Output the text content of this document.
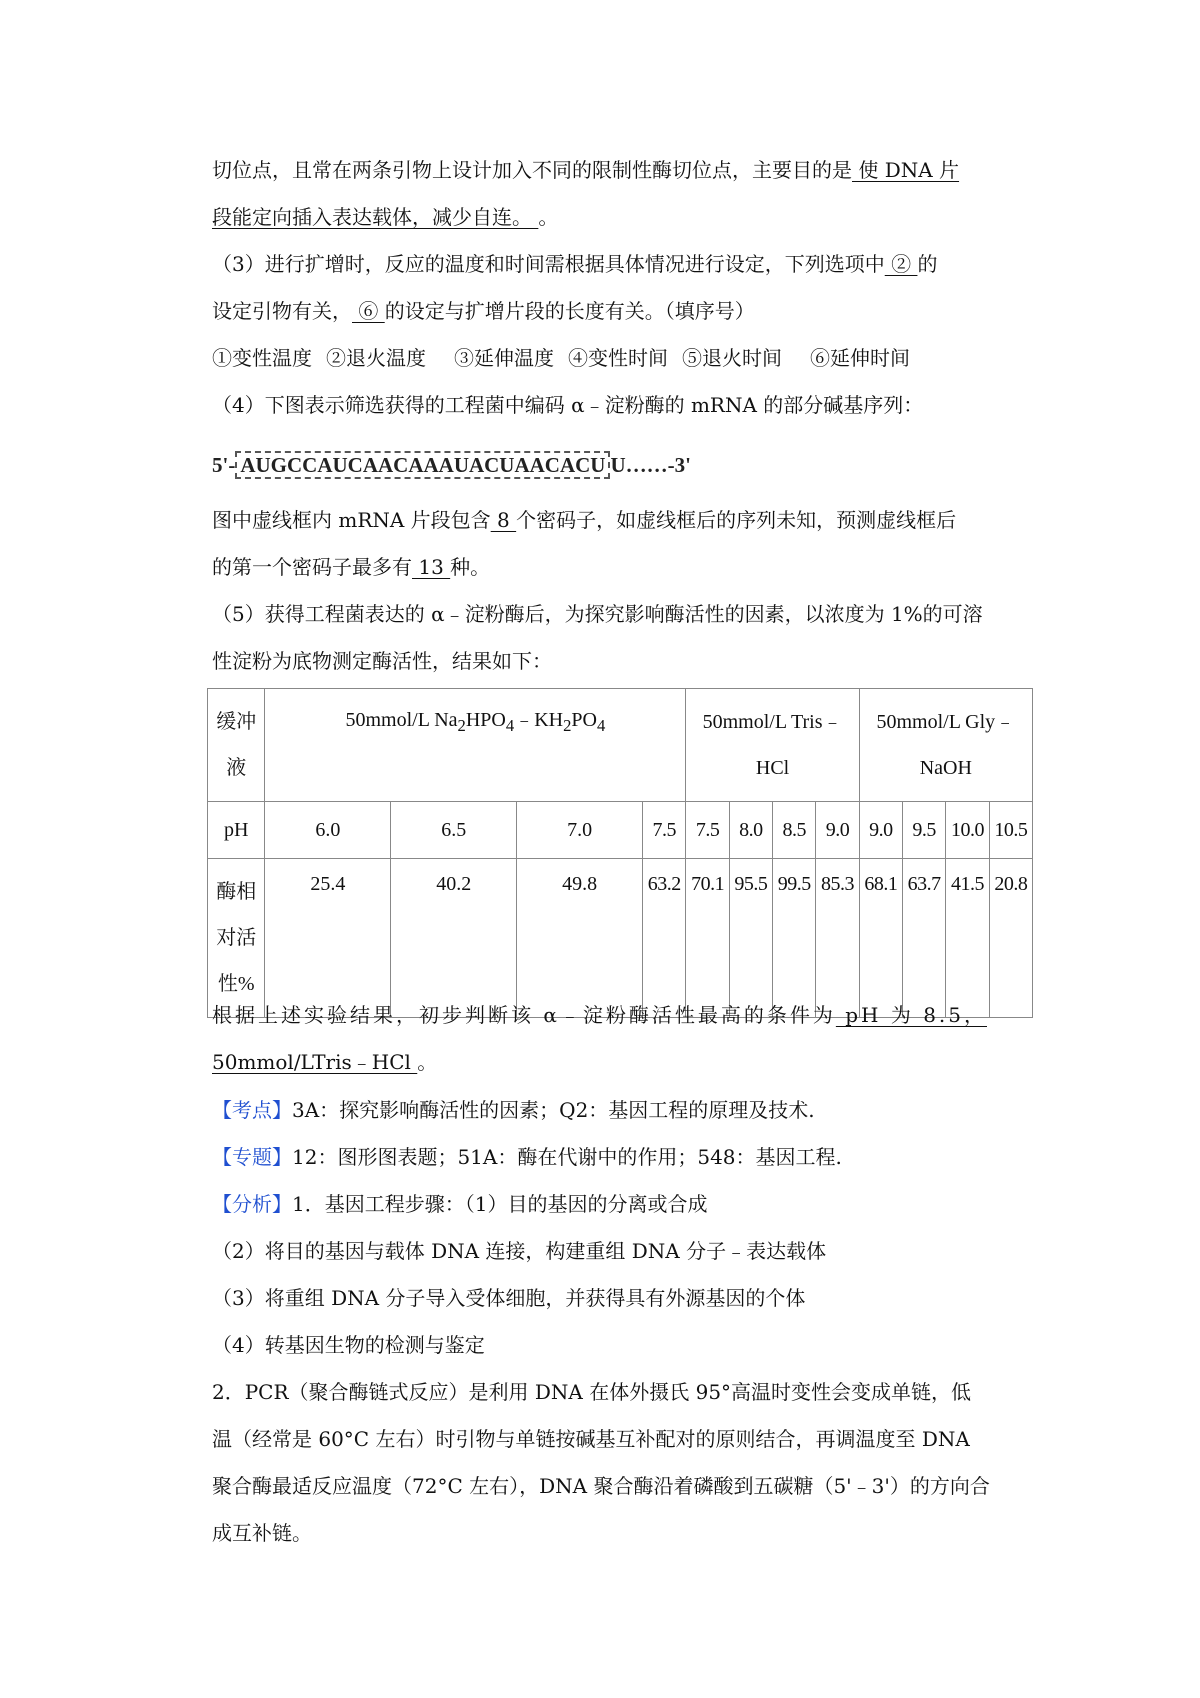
切位点，且常在两条引物上设计加入不同的限制性酶切位点，主要目的是 使 DNA 片
段能定向插入表达载体，减少自连。 。
（3）进行扩增时，反应的温度和时间需根据具体情况进行设定，下列选项中 ② 的
设定引物有关， ⑥ 的设定与扩增片段的长度有关。（填序号）
①变性温度 ②退火温度 ③延伸温度 ④变性时间 ⑤退火时间 ⑥延伸时间
（4）下图表示筛选获得的工程菌中编码 α﹣淀粉酶的 mRNA 的部分碱基序列：
5'- AUGCCAUCAACAAAUACUAACACU U……-3'
图中虚线框内 mRNA 片段包含 8 个密码子，如虚线框后的序列未知，预测虚线框后
的第一个密码子最多有 13 种。
（5）获得工程菌表达的 α﹣淀粉酶后，为探究影响酶活性的因素，以浓度为 1%的可溶
性淀粉为底物测定酶活性，结果如下：
缓冲
液	50mmol/L $Na_2HPO_4﹣KH_2PO_4$				50mmol/L Tris﹣
HCl				50mmol/L Gly﹣
NaOH			
pH	6.0	6.5	7.0	7.5	7.5	8.0	8.5	9.0	9.0	9.5	10.0	10.5
酶相
对活
性%	25.4	40.2	49.8	63.2	70.1	95.5	99.5	85.3	68.1	63.7	41.5	20.8
根据上述实验结果，初步判断该 α﹣淀粉酶活性最高的条件为 pH 为 8.5，
50mmol/LTris﹣HCl 。
【考点】3A：探究影响酶活性的因素；Q2：基因工程的原理及技术.
【专题】12：图形图表题；51A：酶在代谢中的作用；548：基因工程.
【分析】1．基因工程步骤：（1）目的基因的分离或合成
（2）将目的基因与载体 DNA 连接，构建重组 DNA 分子﹣表达载体
（3）将重组 DNA 分子导入受体细胞，并获得具有外源基因的个体
（4）转基因生物的检测与鉴定
2．PCR（聚合酶链式反应）是利用 DNA 在体外摄氏 95°高温时变性会变成单链，低
温（经常是 60°C 左右）时引物与单链按碱基互补配对的原则结合，再调温度至 DNA
聚合酶最适反应温度（72°C 左右），DNA 聚合酶沿着磷酸到五碳糖（5'﹣3'）的方向合
成互补链。
